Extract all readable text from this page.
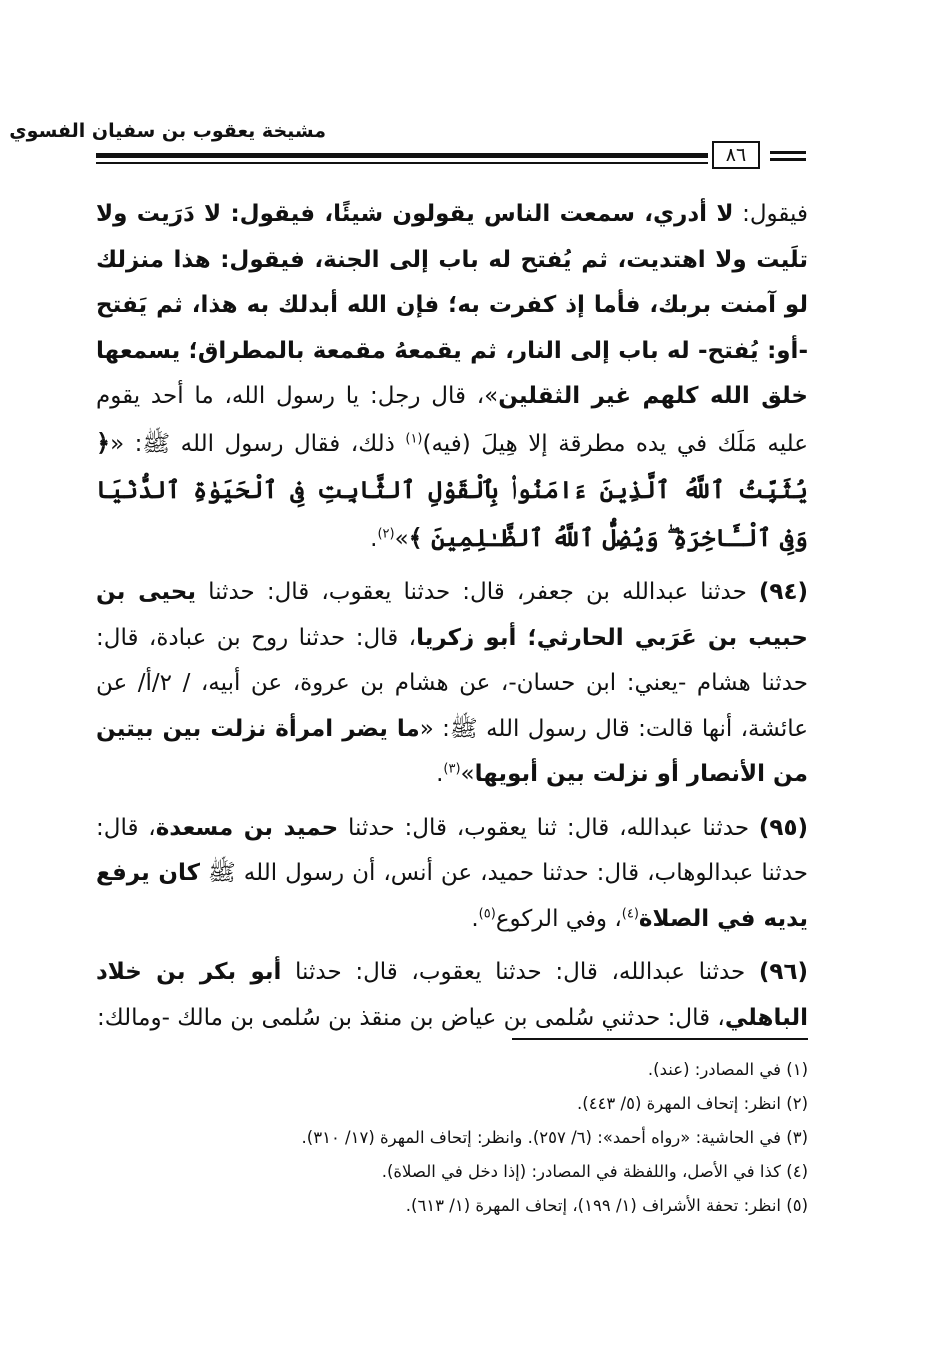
مشيخة يعقوب بن سفيان الفسوي
٨٦

فيقول: لا أدري، سمعت الناس يقولون شيئًا، فيقول: لا دَرَيت ولا تلَيت ولا اهتديت، ثم يُفتح له باب إلى الجنة، فيقول: هذا منزلك لو آمنت بربك، فأما إذ كفرت به؛ فإن الله أبدلك به هذا، ثم يَفتح -أو: يُفتح- له باب إلى النار، ثم يقمعهُ مقمعة بالمطراق؛ يسمعها خلق الله كلهم غير الثقلين»، قال رجل: يا رسول الله، ما أحد يقوم عليه مَلَك في يده مطرقة إلا هِيلَ (فيه)$^{(١)}$ ذلك، فقال رسول الله ﷺ: «﴿ يُثَبِّتُ ٱللَّهُ ٱلَّذِينَ ءَامَنُوا۟ بِٱلْقَوْلِ ٱلثَّابِتِ فِى ٱلْحَيَوٰةِ ٱلدُّنْيَا وَفِى ٱلْـَٔاخِرَةِ ۖ وَيُضِلُّ ٱللَّهُ ٱلظَّـٰلِمِينَ ﴾»$^{(٢)}$.

(٩٤) حدثنا عبدالله بن جعفر، قال: حدثنا يعقوب، قال: حدثنا يحيى بن حبيب بن عَرَبي الحارثي؛ أبو زكريا، قال: حدثنا روح بن عبادة، قال: حدثنا هشام -يعني: ابن حسان-، عن هشام بن عروة، عن أبيه، / ٢/أ/ عن عائشة، أنها قالت: قال رسول الله ﷺ: «ما يضر امرأة نزلت بين بيتين من الأنصار أو نزلت بين أبويها»$^{(٣)}$.

(٩٥) حدثنا عبدالله، قال: ثنا يعقوب، قال: حدثنا حميد بن مسعدة، قال: حدثنا عبدالوهاب، قال: حدثنا حميد، عن أنس، أن رسول الله ﷺ كان يرفع يديه في الصلاة$^{(٤)}$، وفي الركوع$^{(٥)}$.

(٩٦) حدثنا عبدالله، قال: حدثنا يعقوب، قال: حدثنا أبو بكر بن خلاد الباهلي، قال: حدثني سُلمى بن عياض بن منقذ بن سُلمى بن مالك -ومالك:

(١) في المصادر: (عند).
(٢) انظر: إتحاف المهرة (٥/ ٤٤٣).
(٣) في الحاشية: «رواه أحمد»: (٦/ ٢٥٧). وانظر: إتحاف المهرة (١٧/ ٣١٠).
(٤) كذا في الأصل، واللفظة في المصادر: (إذا دخل في الصلاة).
(٥) انظر: تحفة الأشراف (١/ ١٩٩)، إتحاف المهرة (١/ ٦١٣).
